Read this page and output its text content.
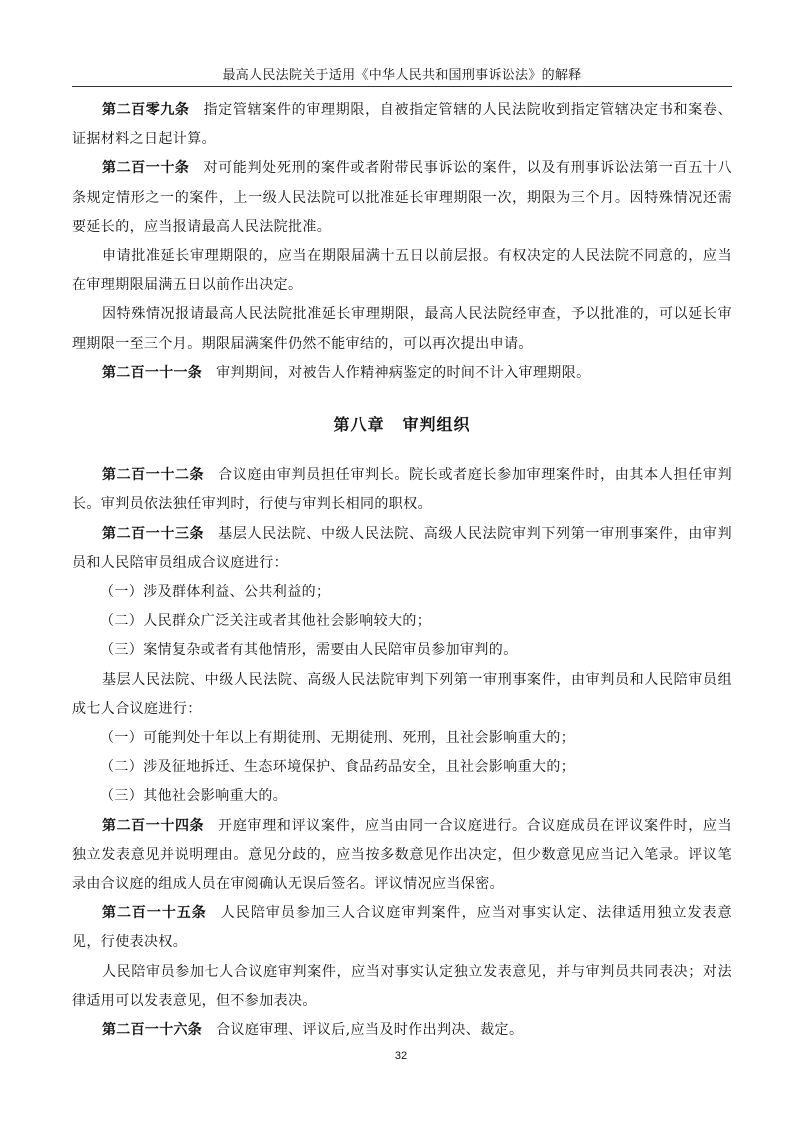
最高人民法院关于适用《中华人民共和国刑事诉讼法》的解释

第二百零九条 指定管辖案件的审理期限，自被指定管辖的人民法院收到指定管辖决定书和案卷、证据材料之日起计算。

第二百一十条 对可能判处死刑的案件或者附带民事诉讼的案件，以及有刑事诉讼法第一百五十八条规定情形之一的案件，上一级人民法院可以批准延长审理期限一次，期限为三个月。因特殊情况还需要延长的，应当报请最高人民法院批准。

申请批准延长审理期限的，应当在期限届满十五日以前层报。有权决定的人民法院不同意的，应当在审理期限届满五日以前作出决定。

因特殊情况报请最高人民法院批准延长审理期限，最高人民法院经审查，予以批准的，可以延长审理期限一至三个月。期限届满案件仍然不能审结的，可以再次提出申请。

第二百一十一条 审判期间，对被告人作精神病鉴定的时间不计入审理期限。

第八章 审判组织

第二百一十二条 合议庭由审判员担任审判长。院长或者庭长参加审理案件时，由其本人担任审判长。审判员依法独任审判时，行使与审判长相同的职权。

第二百一十三条 基层人民法院、中级人民法院、高级人民法院审判下列第一审刑事案件，由审判员和人民陪审员组成合议庭进行：

（一）涉及群体利益、公共利益的；

（二）人民群众广泛关注或者其他社会影响较大的；

（三）案情复杂或者有其他情形，需要由人民陪审员参加审判的。

基层人民法院、中级人民法院、高级人民法院审判下列第一审刑事案件，由审判员和人民陪审员组成七人合议庭进行：

（一）可能判处十年以上有期徒刑、无期徒刑、死刑，且社会影响重大的；

（二）涉及征地拆迁、生态环境保护、食品药品安全，且社会影响重大的；

（三）其他社会影响重大的。

第二百一十四条 开庭审理和评议案件，应当由同一合议庭进行。合议庭成员在评议案件时，应当独立发表意见并说明理由。意见分歧的，应当按多数意见作出决定，但少数意见应当记入笔录。评议笔录由合议庭的组成人员在审阅确认无误后签名。评议情况应当保密。

第二百一十五条 人民陪审员参加三人合议庭审判案件，应当对事实认定、法律适用独立发表意见，行使表决权。

人民陪审员参加七人合议庭审判案件，应当对事实认定独立发表意见，并与审判员共同表决；对法律适用可以发表意见，但不参加表决。

第二百一十六条 合议庭审理、评议后,应当及时作出判决、裁定。

32
